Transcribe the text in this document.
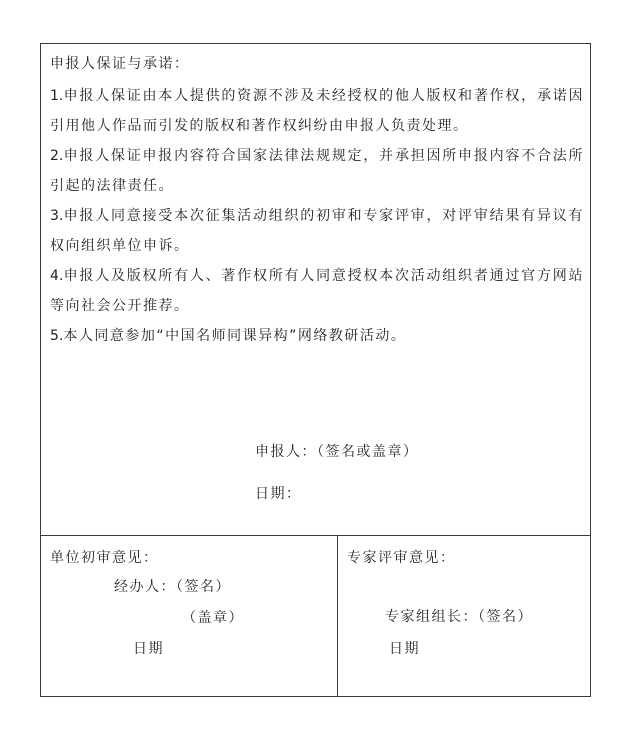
申报人保证与承诺：
1.申报人保证由本人提供的资源不涉及未经授权的他人版权和著作权，承诺因引用他人作品而引发的版权和著作权纠纷由申报人负责处理。
2.申报人保证申报内容符合国家法律法规规定，并承担因所申报内容不合法所引起的法律责任。
3.申报人同意接受本次征集活动组织的初审和专家评审，对评审结果有异议有权向组织单位申诉。
4.申报人及版权所有人、著作权所有人同意授权本次活动组织者通过官方网站等向社会公开推荐。
5.本人同意参加“中国名师同课异构”网络教研活动。
申报人：（签名或盖章）
日期：
单位初审意见：
经办人：（签名）
（盖章）
日期
专家评审意见：
专家组组长：（签名）
日期
